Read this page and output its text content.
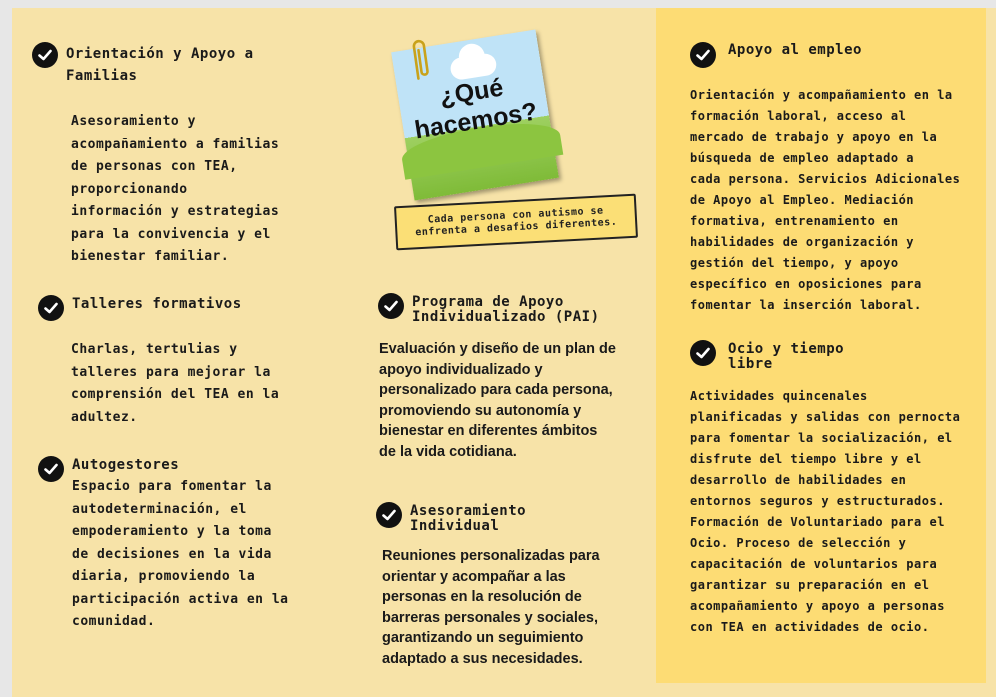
Orientación y Apoyo a
Familias
Asesoramiento y
acompañamiento a familias
de personas con TEA,
proporcionando
información y estrategias
para la convivencia y el
bienestar familiar.
Talleres formativos
Charlas, tertulias y
talleres para mejorar la
comprensión del TEA en la
adultez.
Autogestores
Espacio para fomentar la
autodeterminación, el
empoderamiento y la toma
de decisiones en la vida
diaria, promoviendo la
participación activa en la
comunidad.
¿Qué
hacemos?
Cada persona con autismo se
enfrenta a desafios diferentes.
Programa de Apoyo
Individualizado (PAI)
Evaluación y diseño de un plan de
apoyo individualizado y
personalizado para cada persona,
promoviendo su autonomía y
bienestar en diferentes ámbitos
de la vida cotidiana.
Asesoramiento
Individual
Reuniones personalizadas para
orientar y acompañar a las
personas en la resolución de
barreras personales y sociales,
garantizando un seguimiento
adaptado a sus necesidades.
Apoyo al empleo
Orientación y acompañamiento en la
formación laboral, acceso al
mercado de trabajo y apoyo en la
búsqueda de empleo adaptado a
cada persona. Servicios Adicionales
de Apoyo al Empleo. Mediación
formativa, entrenamiento en
habilidades de organización y
gestión del tiempo, y apoyo
específico en oposiciones para
fomentar la inserción laboral.
Ocio y tiempo
libre
Actividades quincenales
planificadas y salidas con pernocta
para fomentar la socialización, el
disfrute del tiempo libre y el
desarrollo de habilidades en
entornos seguros y estructurados.
Formación de Voluntariado para el
Ocio. Proceso de selección y
capacitación de voluntarios para
garantizar su preparación en el
acompañamiento y apoyo a personas
con TEA en actividades de ocio.
